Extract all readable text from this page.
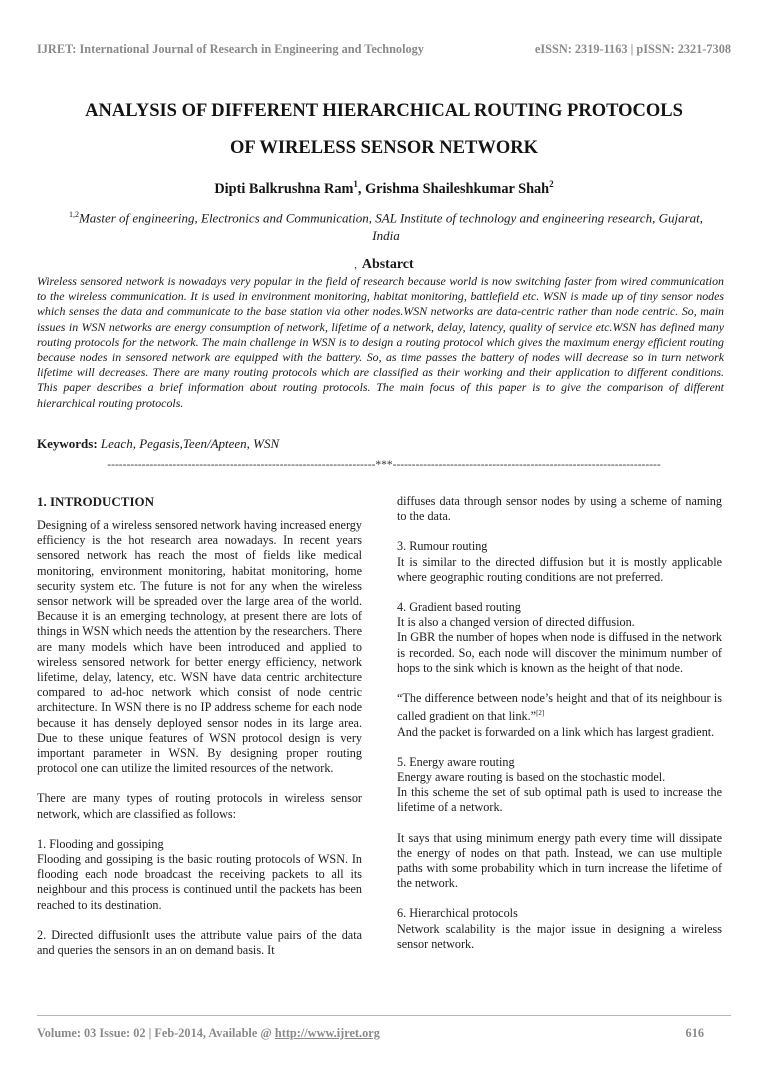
IJRET: International Journal of Research in Engineering and Technology	eISSN: 2319-1163 | pISSN: 2321-7308
ANALYSIS OF DIFFERENT HIERARCHICAL ROUTING PROTOCOLS
OF WIRELESS SENSOR NETWORK
Dipti Balkrushna Ram$^1$, Grishma Shaileshkumar Shah$^2$
$^{1,2}$Master of engineering, Electronics and Communication, SAL Institute of technology and engineering research, Gujarat, India
, Abstarct
Wireless sensored network is nowadays very popular in the field of research because world is now switching faster from wired communication to the wireless communication. It is used in environment monitoring, habitat monitoring, battlefield etc. WSN is made up of tiny sensor nodes which senses the data and communicate to the base station via other nodes.WSN networks are data-centric rather than node centric. So, main issues in WSN networks are energy consumption of network, lifetime of a network, delay, latency, quality of service etc.WSN has defined many routing protocols for the network. The main challenge in WSN is to design a routing protocol which gives the maximum energy efficient routing because nodes in sensored network are equipped with the battery. So, as time passes the battery of nodes will decrease so in turn network lifetime will decreases. There are many routing protocols which are classified as their working and their application to different conditions. This paper describes a brief information about routing protocols. The main focus of this paper is to give the comparison of different hierarchical routing protocols.
Keywords: Leach, Pegasis,Teen/Apteen, WSN
----------------------------------------------------------------------***----------------------------------------------------------------------
1. INTRODUCTION

Designing of a wireless sensored network having increased energy efficiency is the hot research area nowadays. In recent years sensored network has reach the most of fields like medical monitoring, environment monitoring, habitat monitoring, home security system etc. The future is not for any when the wireless sensor network will be spreaded over the large area of the world. Because it is an emerging technology, at present there are lots of things in WSN which needs the attention by the researchers. There are many models which have been introduced and applied to wireless sensored network for better energy efficiency, network lifetime, delay, latency, etc. WSN have data centric architecture compared to ad-hoc network which consist of node centric architecture. In WSN there is no IP address scheme for each node because it has densely deployed sensor nodes in its large area. Due to these unique features of WSN protocol design is very important parameter in WSN. By designing proper routing protocol one can utilize the limited resources of the network.

There are many types of routing protocols in wireless sensor network, which are classified as follows:

1. Flooding and gossiping
Flooding and gossiping is the basic routing protocols of WSN. In flooding each node broadcast the receiving packets to all its neighbour and this process is continued until the packets has been reached to its destination.

2. Directed diffusionIt uses the attribute value pairs of the data and queries the sensors in an on demand basis. It

diffuses data through sensor nodes by using a scheme of naming to the data.

3. Rumour routing
It is similar to the directed diffusion but it is mostly applicable where geographic routing conditions are not preferred.

4. Gradient based routing
It is also a changed version of directed diffusion.
In GBR the number of hopes when node is diffused in the network is recorded. So, each node will discover the minimum number of hops to the sink which is known as the height of that node.

“The difference between node’s height and that of its neighbour is called gradient on that link.”[2]
And the packet is forwarded on a link which has largest gradient.

5. Energy aware routing
Energy aware routing is based on the stochastic model.
In this scheme the set of sub optimal path is used to increase the lifetime of a network.

It says that using minimum energy path every time will dissipate the energy of nodes on that path. Instead, we can use multiple paths with some probability which in turn increase the lifetime of the network.

6. Hierarchical protocols
Network scalability is the major issue in designing a wireless sensor network.

Volume: 03 Issue: 02 | Feb-2014, Available @ http://www.ijret.org	616
